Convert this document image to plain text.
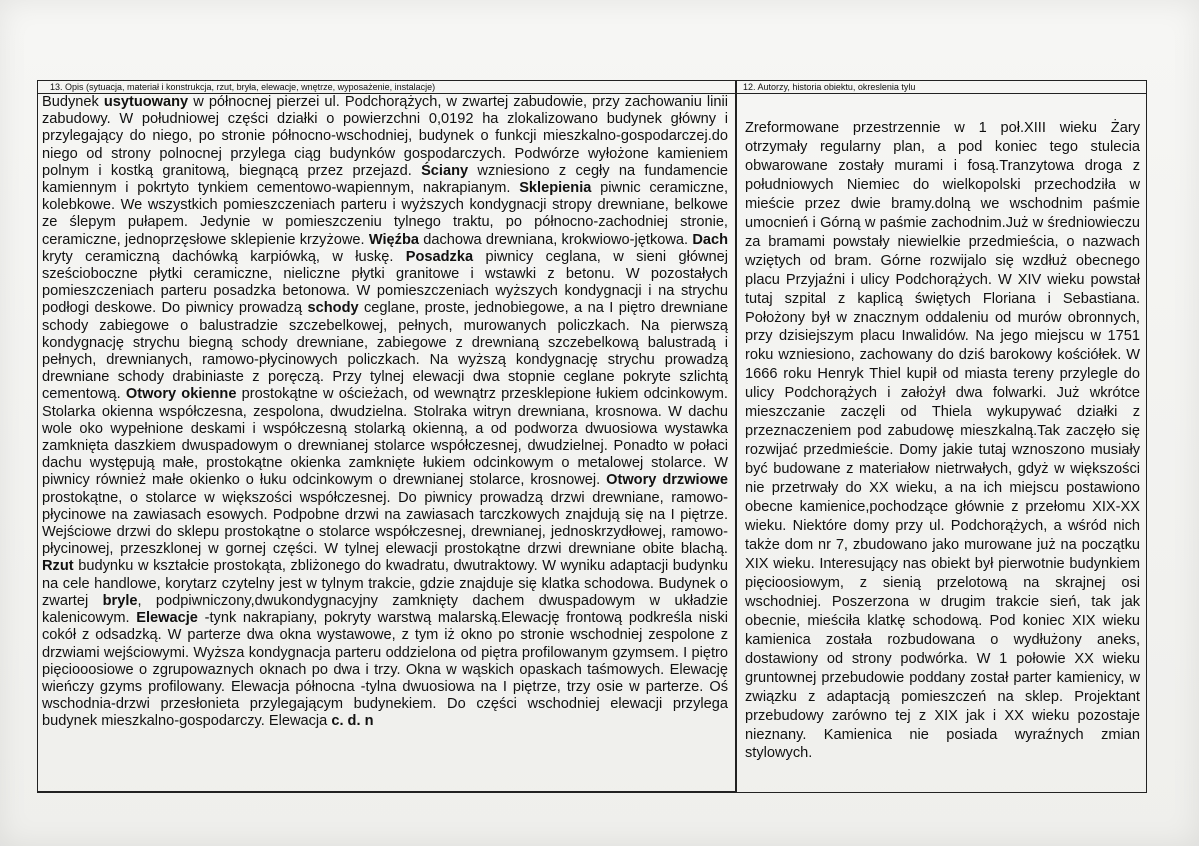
13. Opis (sytuacja, materiał i konstrukcja, rzut, bryła, elewacje, wnętrze, wyposażenie, instalacje)
Budynek usytuowany w północnej pierzei ul. Podchorążych, w zwartej zabudowie, przy zachowaniu linii zabudowy. W południowej części działki o powierzchni 0,0192 ha zlokalizowano budynek główny i przylegający do niego, po stronie północno-wschodniej, budynek o funkcji mieszkalno-gospodarczej.do niego od strony polnocnej przylega ciąg budynków gospodarczych. Podwórze wyłożone kamieniem polnym i kostką granitową, biegnącą przez przejazd. Ściany wzniesiono z cegły na fundamencie kamiennym i pokrtyto tynkiem cementowo-wapiennym, nakrapianym. Sklepienia piwnic ceramiczne, kolebkowe. We wszystkich pomieszczeniach parteru i wyższych kondygnacji stropy drewniane, belkowe ze ślepym pułapem. Jedynie w pomieszczeniu tylnego traktu, po północno-zachodniej stronie, ceramiczne, jednoprzęsłowe sklepienie krzyżowe. Więźba dachowa drewniana, krokwiowo-jętkowa. Dach kryty ceramiczną dachówką karpiówką, w łuskę. Posadzka piwnicy ceglana, w sieni głównej sześcioboczne płytki ceramiczne, nieliczne płytki granitowe i wstawki z betonu. W pozostałych pomieszczeniach parteru posadzka betonowa. W pomieszczeniach wyższych kondygnacji i na strychu podłogi deskowe. Do piwnicy prowadzą schody ceglane, proste, jednobiegowe, a na I piętro drewniane schody zabiegowe o balustradzie szczebelkowej, pełnych, murowanych policzkach. Na pierwszą kondygnację strychu biegną schody drewniane, zabiegowe z drewnianą szczebelkową balustradą i pełnych, drewnianych, ramowo-płycinowych policzkach. Na wyższą kondygnację strychu prowadzą drewniane schody drabiniaste z poręczą. Przy tylnej elewacji dwa stopnie ceglane pokryte szlichtą cementową. Otwory okienne prostokątne w ościeżach, od wewnątrz przesklepione łukiem odcinkowym. Stolarka okienna współczesna, zespolona, dwudzielna. Stolraka witryn drewniana, krosnowa. W dachu wole oko wypełnione deskami i współczesną stolarką okienną, a od podworza dwuosiowa wystawka zamknięta daszkiem dwuspadowym o drewnianej stolarce współczesnej, dwudzielnej. Ponadto w połaci dachu występują małe, prostokątne okienka zamknięte łukiem odcinkowym o metalowej stolarce. W piwnicy również małe okienko o łuku odcinkowym o drewnianej stolarce, krosnowej. Otwory drzwiowe prostokątne, o stolarce w większości współczesnej. Do piwnicy prowadzą drzwi drewniane, ramowo-płycinowe na zawiasach esowych. Podpobne drzwi na zawiasach tarczkowych znajdują się na I piętrze. Wejściowe drzwi do sklepu prostokątne o stolarce współczesnej, drewnianej, jednoskrzydłowej, ramowo-płycinowej, przeszklonej w gornej części. W tylnej elewacji prostokątne drzwi drewniane obite blachą. Rzut budynku w kształcie prostokąta, zbliżonego do kwadratu, dwutraktowy. W wyniku adaptacji budynku na cele handlowe, korytarz czytelny jest w tylnym trakcie, gdzie znajduje się klatka schodowa. Budynek o zwartej bryle, podpiwniczony,dwukondygnacyjny zamknięty dachem dwuspadowym w układzie kalenicowym. Elewacje -tynk nakrapiany, pokryty warstwą malarską.Elewację frontową podkreśla niski cokół z odsadzką. W parterze dwa okna wystawowe, z tym iż okno po stronie wschodniej zespolone z drzwiami wejściowymi. Wyższa kondygnacja parteru oddzielona od piętra profilowanym gzymsem. I piętro pięciooosiowe o zgrupowaznych oknach po dwa i trzy. Okna w wąskich opaskach taśmowych. Elewację wieńczy gzyms profilowany. Elewacja północna -tylna dwuosiowa na I piętrze, trzy osie w parterze. Oś wschodnia-drzwi przesłonieta przylegającym budynekiem. Do części wschodniej elewacji przylega budynek mieszkalno-gospodarczy. Elewacja c. d. n
12. Autorzy, historia obiektu, okreslenia tylu
Zreformowane przestrzennie w 1 poł.XIII wieku Żary otrzymały regularny plan, a pod koniec tego stulecia obwarowane zostały murami i fosą.Tranzytowa droga z południowych Niemiec do wielkopolski przechodziła w mieście przez dwie bramy.dolną we wschodnim paśmie umocnień i Górną w paśmie zachodnim.Już w średniowieczu za bramami powstały niewielkie przedmieścia, o nazwach wziętych od bram. Górne rozwijalo się wzdłuż obecnego placu Przyjaźni i ulicy Podchorążych. W XIV wieku powstał tutaj szpital z kaplicą świętych Floriana i Sebastiana. Położony był w znacznym oddaleniu od murów obronnych, przy dzisiejszym placu Inwalidów. Na jego miejscu w 1751 roku wzniesiono, zachowany do dziś barokowy kościółek. W 1666 roku Henryk Thiel kupił od miasta tereny przylegle do ulicy Podchorążych i założył dwa folwarki. Już wkrótce mieszczanie zaczęli od Thiela wykupywać działki z przeznaczeniem pod zabudowę mieszkalną.Tak zaczęło się rozwijać przedmieście. Domy jakie tutaj wznoszono musiały być budowane z materiałow nietrwałych, gdyż w większości nie przetrwały do XX wieku, a na ich miejscu postawiono obecne kamienice,pochodzące głównie z przełomu XIX-XX wieku. Niektóre domy przy ul. Podchorążych, a wśród nich także dom nr 7, zbudowano jako murowane już na początku XIX wieku. Interesujący nas obiekt był pierwotnie budynkiem pięcioosiowym, z sienią przelotową na skrajnej osi wschodniej. Poszerzona w drugim trakcie sień, tak jak obecnie, mieściła klatkę schodową. Pod koniec XIX wieku kamienica została rozbudowana o wydłużony aneks, dostawiony od strony podwórka. W 1 połowie XX wieku gruntownej przebudowie poddany został parter kamienicy, w związku z adaptacją pomieszczeń na sklep. Projektant przebudowy zarówno tej z XIX jak i XX wieku pozostaje nieznany. Kamienica nie posiada wyraźnych zmian stylowych.
